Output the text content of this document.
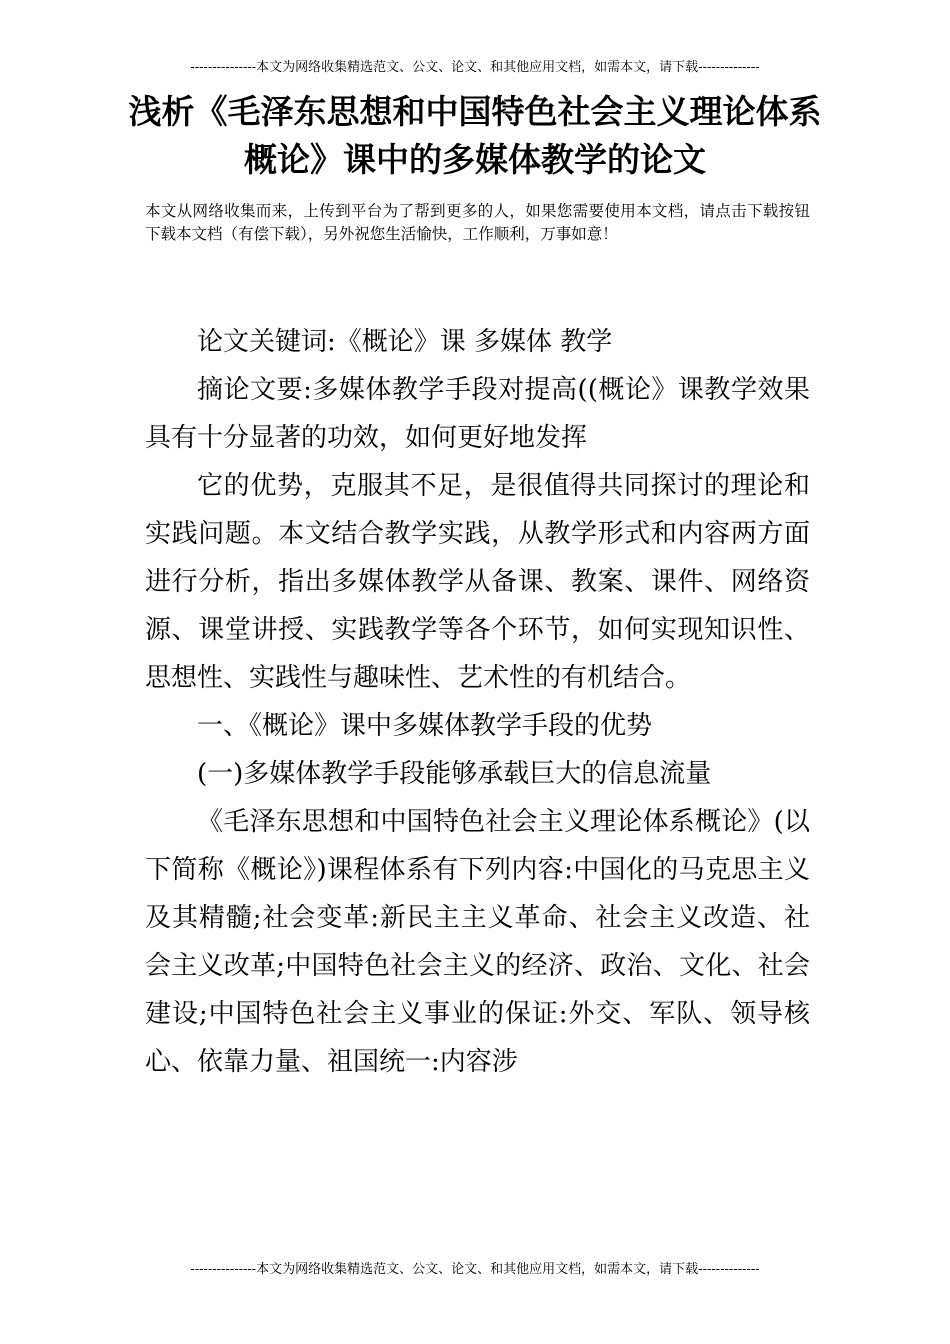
---------------本文为网络收集精选范文、公文、论文、和其他应用文档，如需本文，请下载--------------
浅析《毛泽东思想和中国特色社会主义理论体系概论》课中的多媒体教学的论文
本文从网络收集而来，上传到平台为了帮到更多的人，如果您需要使用本文档，请点击下载按钮下载本文档（有偿下载），另外祝您生活愉快，工作顺利，万事如意！

论文关键词:《概论》课 多媒体 教学

摘论文要:多媒体教学手段对提高((概论》课教学效果具有十分显著的功效，如何更好地发挥

它的优势，克服其不足，是很值得共同探讨的理论和实践问题。本文结合教学实践，从教学形式和内容两方面进行分析，指出多媒体教学从备课、教案、课件、网络资源、课堂讲授、实践教学等各个环节，如何实现知识性、思想性、实践性与趣味性、艺术性的有机结合。

一、《概论》课中多媒体教学手段的优势

(一)多媒体教学手段能够承载巨大的信息流量

《毛泽东思想和中国特色社会主义理论体系概论》(以下简称《概论》)课程体系有下列内容:中国化的马克思主义及其精髓;社会变革:新民主主义革命、社会主义改造、社会主义改革;中国特色社会主义的经济、政治、文化、社会建设;中国特色社会主义事业的保证:外交、军队、领导核心、依靠力量、祖国统一:内容涉

---------------本文为网络收集精选范文、公文、论文、和其他应用文档，如需本文，请下载--------------
